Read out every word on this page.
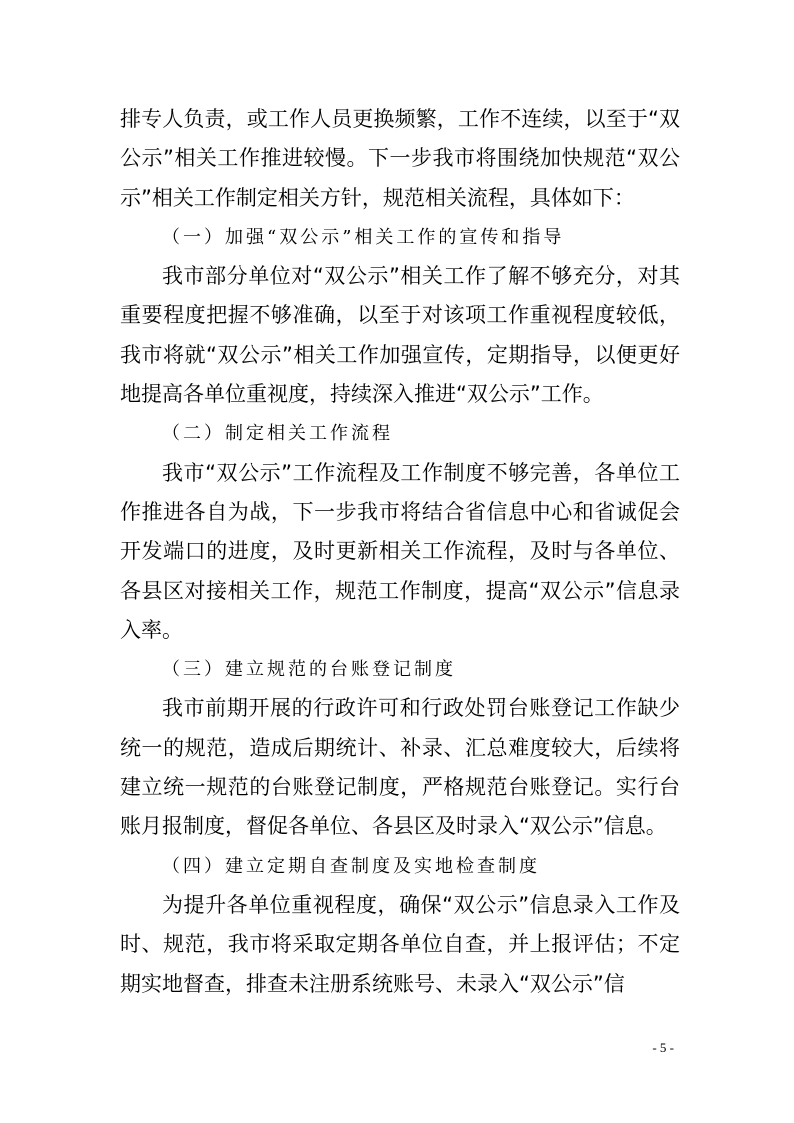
排专人负责，或工作人员更换频繁，工作不连续，以至于“双公示”相关工作推进较慢。下一步我市将围绕加快规范“双公示”相关工作制定相关方针，规范相关流程，具体如下：

（一）加强“双公示”相关工作的宣传和指导

我市部分单位对“双公示”相关工作了解不够充分，对其重要程度把握不够准确，以至于对该项工作重视程度较低，我市将就“双公示”相关工作加强宣传，定期指导，以便更好地提高各单位重视度，持续深入推进“双公示”工作。

（二）制定相关工作流程

我市“双公示”工作流程及工作制度不够完善，各单位工作推进各自为战，下一步我市将结合省信息中心和省诚促会开发端口的进度，及时更新相关工作流程，及时与各单位、各县区对接相关工作，规范工作制度，提高“双公示”信息录入率。

（三）建立规范的台账登记制度

我市前期开展的行政许可和行政处罚台账登记工作缺少统一的规范，造成后期统计、补录、汇总难度较大，后续将建立统一规范的台账登记制度，严格规范台账登记。实行台账月报制度，督促各单位、各县区及时录入“双公示”信息。

（四）建立定期自查制度及实地检查制度

为提升各单位重视程度，确保“双公示”信息录入工作及时、规范，我市将采取定期各单位自查，并上报评估；不定期实地督查，排查未注册系统账号、未录入“双公示”信

- 5 -
